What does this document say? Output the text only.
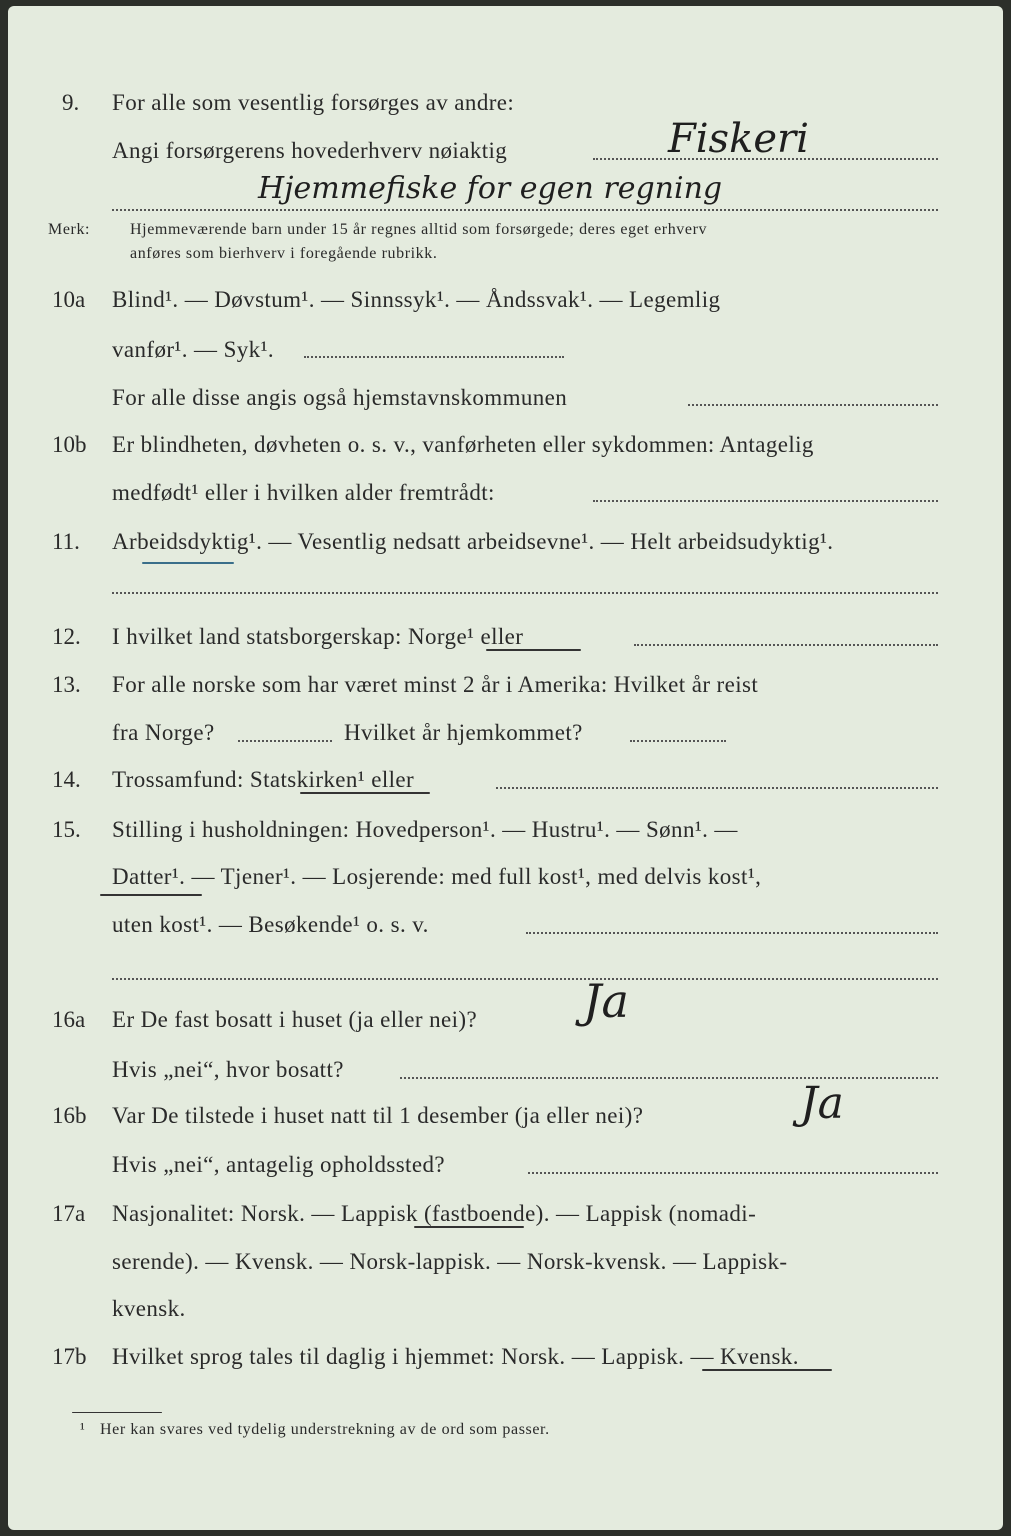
9. For alle som vesentlig forsørges av andre:
Angi forsørgerens hovederhverv nøiaktig	Fiskeri
Hjemmefiske for egen regning
Merk: Hjemmeværende barn under 15 år regnes alltid som forsørgede; deres eget erhverv
anføres som bierhverv i foregående rubrikk.
10a Blind¹. — Døvstum¹. — Sinnssyk¹. — Åndssvak¹. — Legemlig
vanfør¹. — Syk¹.
For alle disse angis også hjemstavnskommunen
10b Er blindheten, døvheten o. s. v., vanførheten eller sykdommen: Antagelig
medfødt¹ eller i hvilken alder fremtrådt:
11. Arbeidsdyktig¹. — Vesentlig nedsatt arbeidsevne¹. — Helt arbeidsudyktig¹.
12. I hvilket land statsborgerskap: Norge¹ eller
13. For alle norske som har været minst 2 år i Amerika: Hvilket år reist
fra Norge?	Hvilket år hjemkommet?
14. Trossamfund: Statskirken¹ eller
15. Stilling i husholdningen: Hovedperson¹. — Hustru¹. — Sønn¹. —
Datter¹. — Tjener¹. — Losjerende: med full kost¹, med delvis kost¹,
uten kost¹. — Besøkende¹ o. s. v.
16a Er De fast bosatt i huset (ja eller nei)? Ja
Hvis „nei“, hvor bosatt?
16b Var De tilstede i huset natt til 1 desember (ja eller nei)?	Ja
Hvis „nei“, antagelig opholdssted?
17a Nasjonalitet: Norsk. — Lappisk (fastboende). — Lappisk (nomadi-
serende). — Kvensk. — Norsk-lappisk. — Norsk-kvensk. — Lappisk-
kvensk.
17b Hvilket sprog tales til daglig i hjemmet: Norsk. — Lappisk. — Kvensk.
¹ Her kan svares ved tydelig understrekning av de ord som passer.
